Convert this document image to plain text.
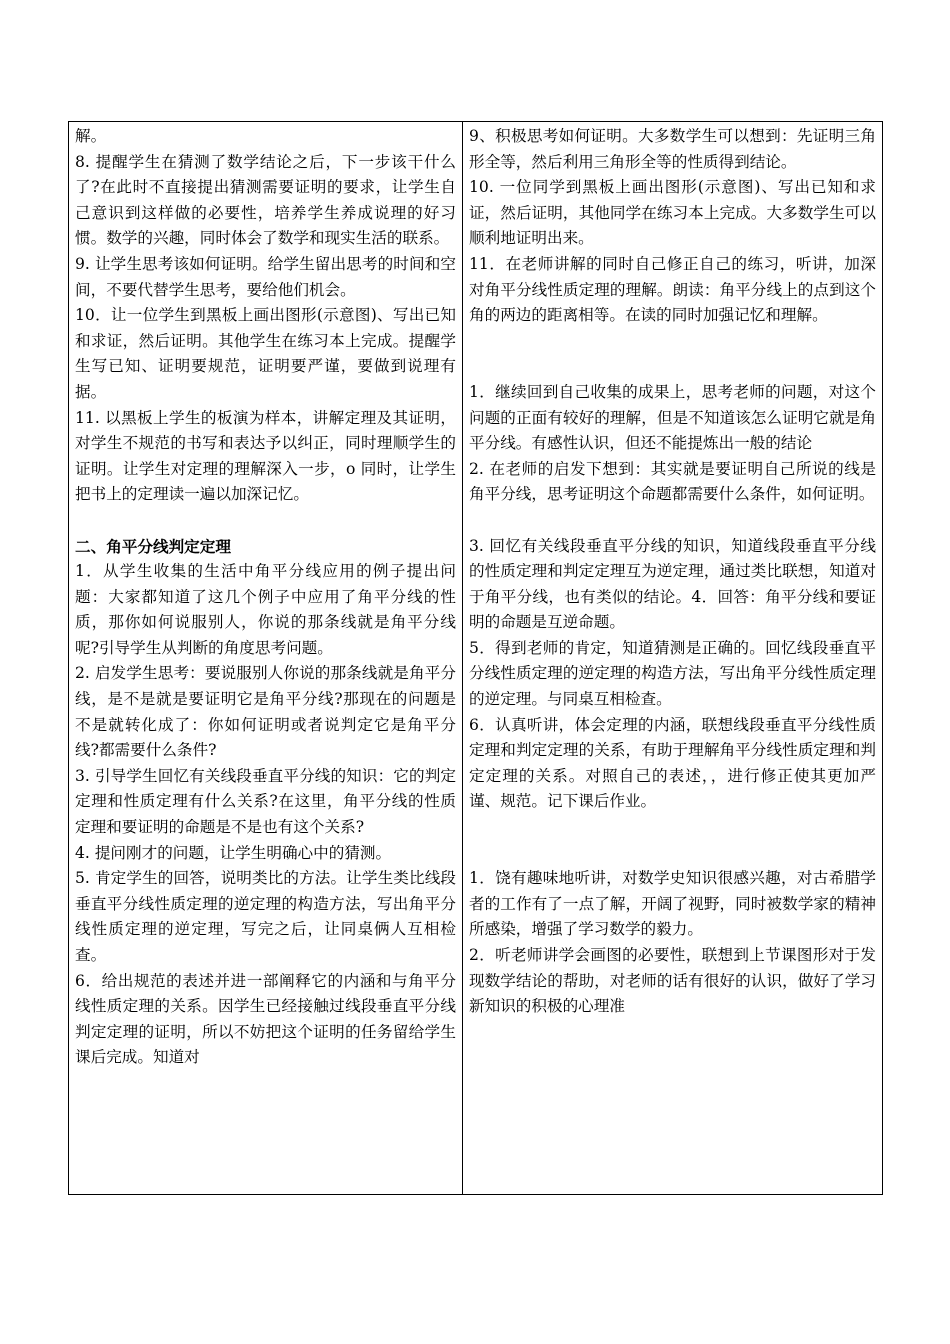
解。

8. 提醒学生在猜测了数学结论之后，下一步该干什么了?在此时不直接提出猜测需要证明的要求，让学生自己意识到这样做的必要性，培养学生养成说理的好习惯。数学的兴趣，同时体会了数学和现实生活的联系。

9. 让学生思考该如何证明。给学生留出思考的时间和空间，不要代替学生思考，要给他们机会。

10．让一位学生到黑板上画出图形(示意图)、写出已知和求证，然后证明。其他学生在练习本上完成。提醒学生写已知、证明要规范，证明要严谨，要做到说理有据。

11. 以黑板上学生的板演为样本，讲解定理及其证明，对学生不规范的书写和表达予以纠正，同时理顺学生的证明。让学生对定理的理解深入一步，o 同时，让学生把书上的定理读一遍以加深记忆。

二、角平分线判定定理

1．从学生收集的生活中角平分线应用的例子提出问题：大家都知道了这几个例子中应用了角平分线的性质，那你如何说服别人，你说的那条线就是角平分线呢?引导学生从判断的角度思考问题。

2. 启发学生思考：要说服别人你说的那条线就是角平分线，是不是就是要证明它是角平分线?那现在的问题是不是就转化成了：你如何证明或者说判定它是角平分线?都需要什么条件?

3. 引导学生回忆有关线段垂直平分线的知识：它的判定定理和性质定理有什么关系?在这里，角平分线的性质定理和要证明的命题是不是也有这个关系?

4. 提问刚才的问题，让学生明确心中的猜测。

5. 肯定学生的回答，说明类比的方法。让学生类比线段垂直平分线性质定理的逆定理的构造方法，写出角平分线性质定理的逆定理，写完之后，让同桌俩人互相检查。

6．给出规范的表述并进一部阐释它的内涵和与角平分线性质定理的关系。因学生已经接触过线段垂直平分线判定定理的证明，所以不妨把这个证明的任务留给学生课后完成。知道对

9、积极思考如何证明。大多数学生可以想到：先证明三角形全等，然后利用三角形全等的性质得到结论。

10. 一位同学到黑板上画出图形(示意图)、写出已知和求证，然后证明，其他同学在练习本上完成。大多数学生可以顺利地证明出来。

11．在老师讲解的同时自己修正自己的练习，听讲，加深对角平分线性质定理的理解。朗读：角平分线上的点到这个角的两边的距离相等。在读的同时加强记忆和理解。

1．继续回到自己收集的成果上，思考老师的问题，对这个问题的正面有较好的理解，但是不知道该怎么证明它就是角平分线。有感性认识，但还不能提炼出一般的结论

2. 在老师的启发下想到：其实就是要证明自己所说的线是角平分线，思考证明这个命题都需要什么条件，如何证明。

3. 回忆有关线段垂直平分线的知识，知道线段垂直平分线的性质定理和判定定理互为逆定理，通过类比联想，知道对于角平分线，也有类似的结论。4．回答：角平分线和要证明的命题是互逆命题。

5．得到老师的肯定，知道猜测是正确的。回忆线段垂直平分线性质定理的逆定理的构造方法，写出角平分线性质定理的逆定理。与同桌互相检查。

6．认真听讲，体会定理的内涵，联想线段垂直平分线性质定理和判定定理的关系，有助于理解角平分线性质定理和判定定理的关系。对照自己的表述，，进行修正使其更加严谨、规范。记下课后作业。

1．饶有趣味地听讲，对数学史知识很感兴趣，对古希腊学者的工作有了一点了解，开阔了视野，同时被数学家的精神所感染，增强了学习数学的毅力。

2．听老师讲学会画图的必要性，联想到上节课图形对于发现数学结论的帮助，对老师的话有很好的认识，做好了学习新知识的积极的心理准
